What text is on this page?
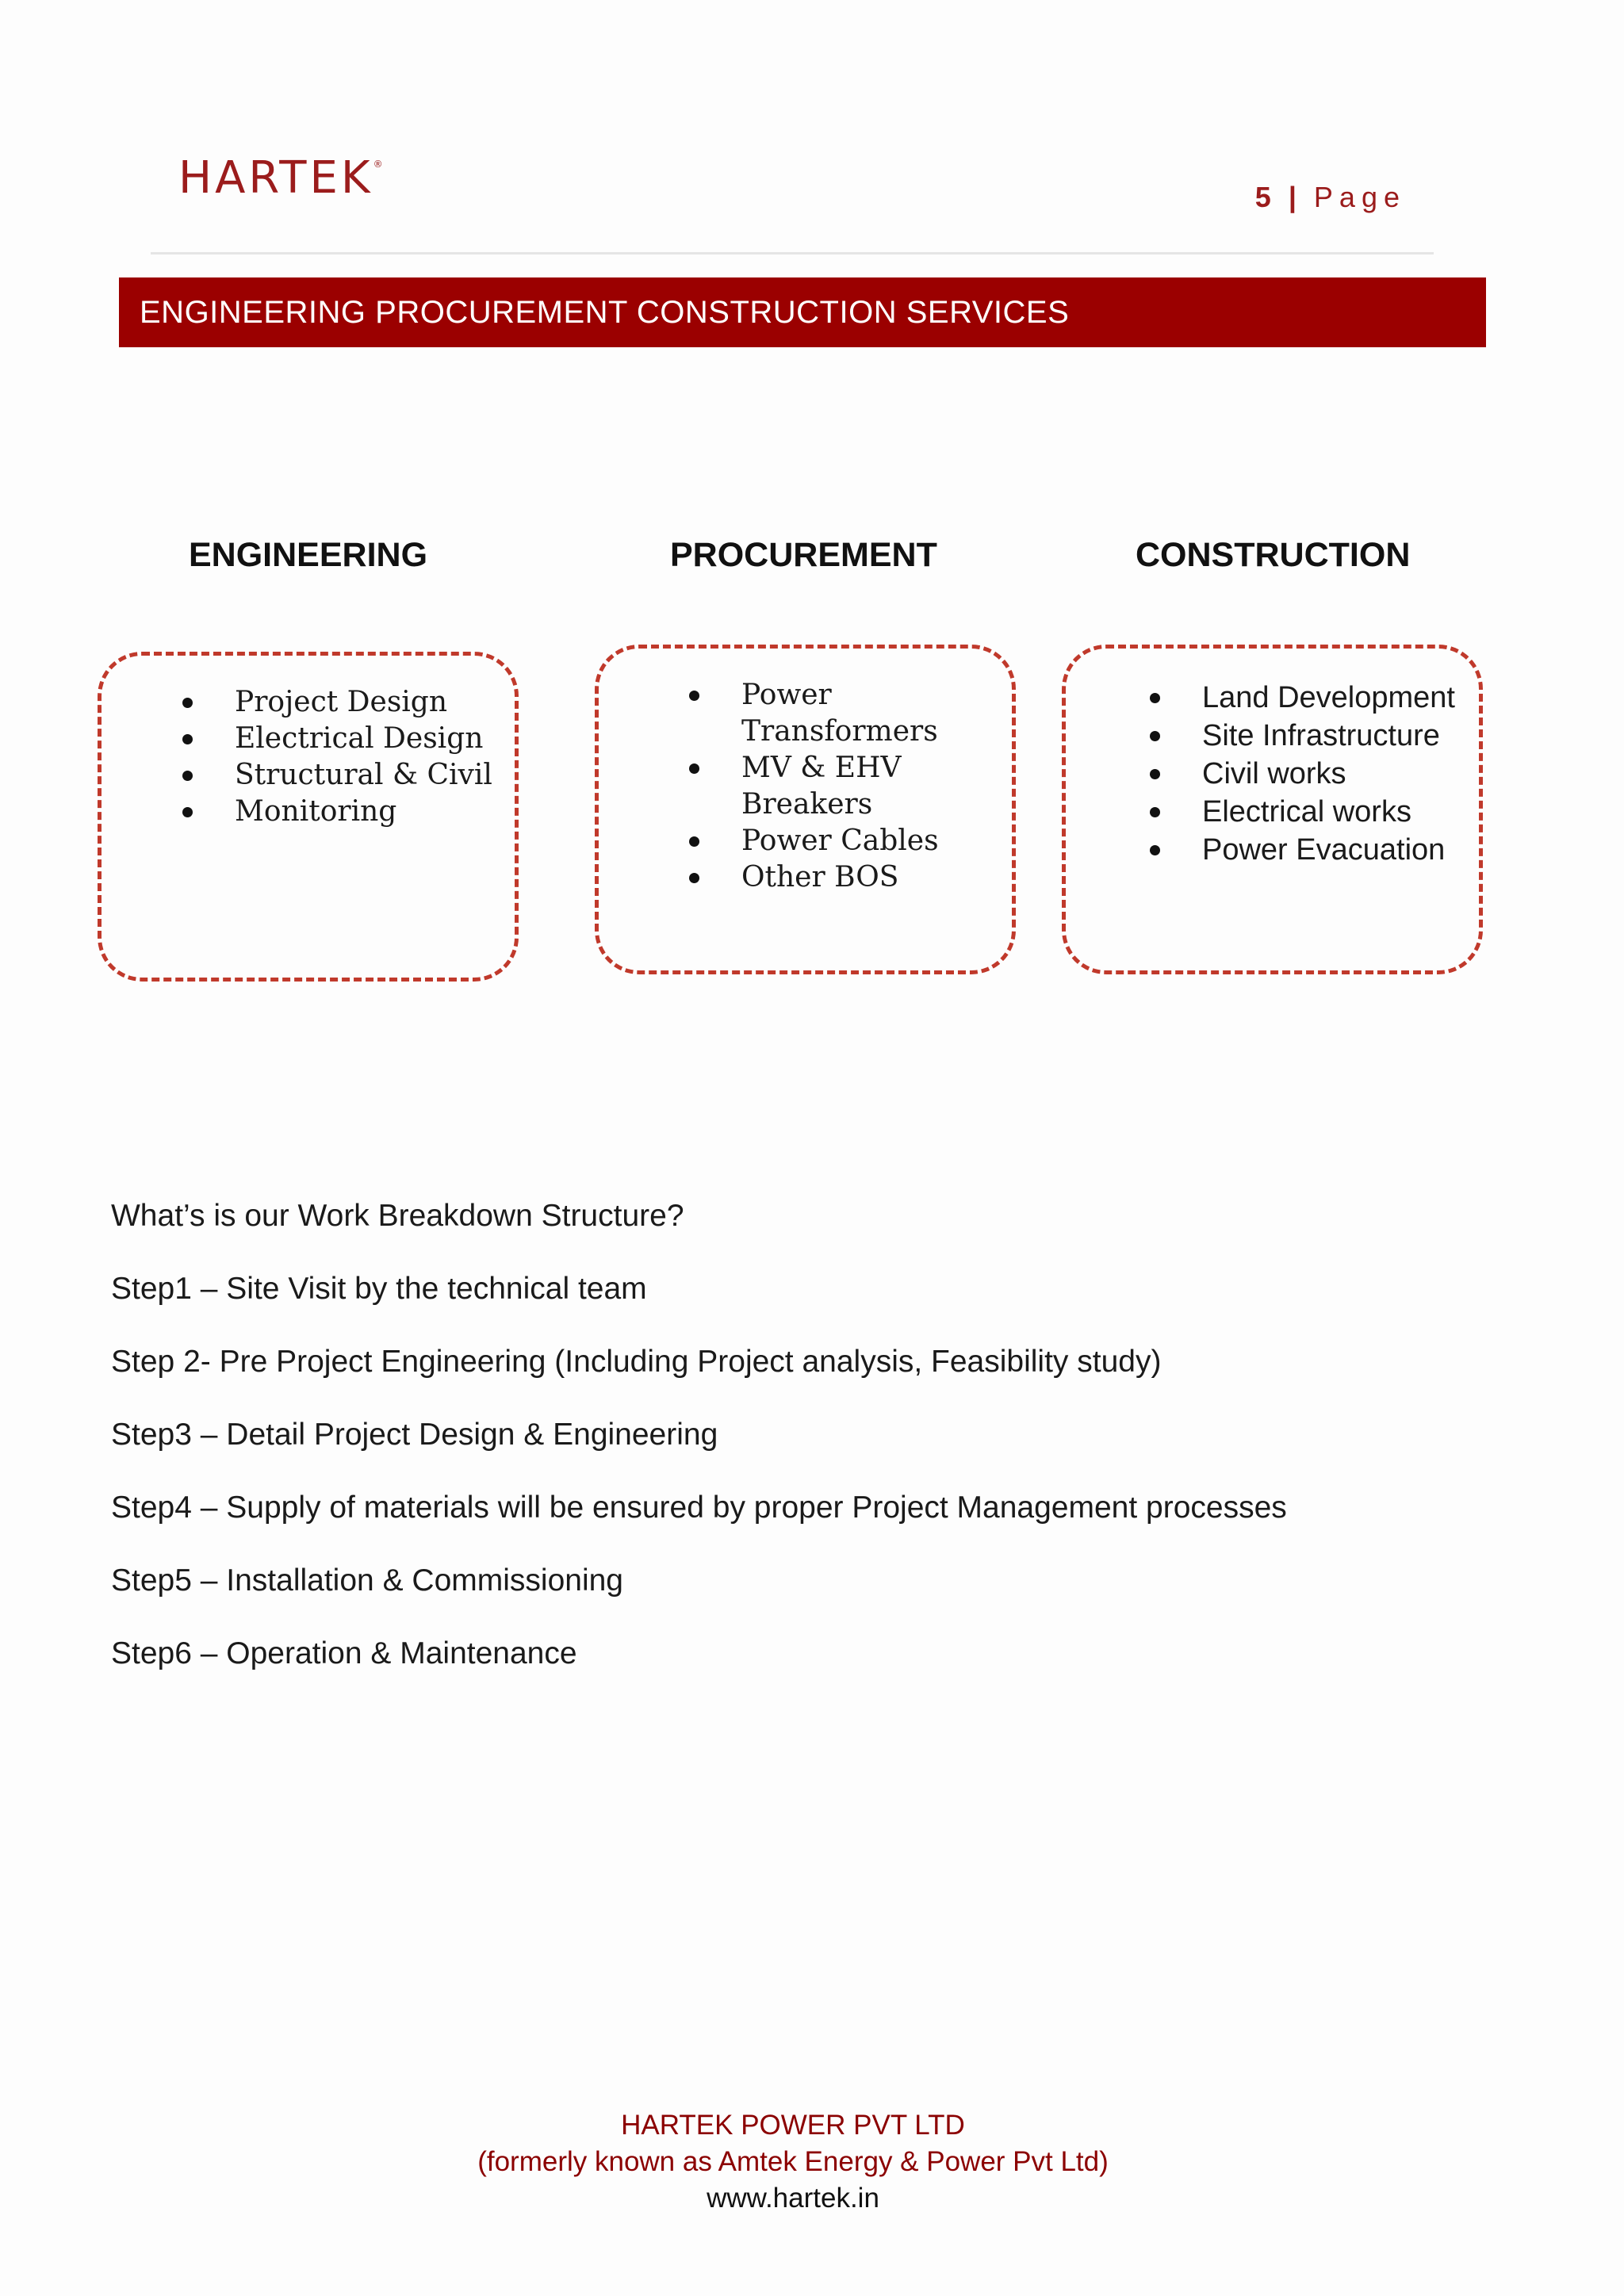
HARTEK®
5 | Page
ENGINEERING PROCUREMENT CONSTRUCTION SERVICES
ENGINEERING	PROCUREMENT	CONSTRUCTION
Project Design
Electrical Design
Structural & Civil
Monitoring
Power Transformers
MV & EHV Breakers
Power Cables
Other BOS
Land Development
Site Infrastructure
Civil works
Electrical works
Power Evacuation

What’s is our Work Breakdown Structure?

Step1 – Site Visit by the technical team

Step 2- Pre Project Engineering (Including Project analysis, Feasibility study)

Step3 – Detail Project Design & Engineering

Step4 – Supply of materials will be ensured by proper Project Management processes

Step5 – Installation & Commissioning

Step6 – Operation & Maintenance

HARTEK POWER PVT LTD
(formerly known as Amtek Energy & Power Pvt Ltd)
www.hartek.in
